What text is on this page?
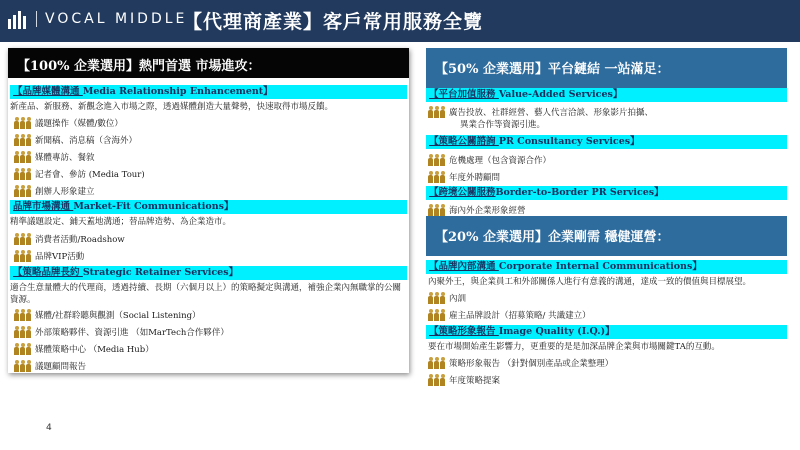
VOCAL MIDDLE
【代理商產業】客戶常用服務全覽
【100% 企業選用】熱門首選 市場進攻：
【品牌媒體溝通 Media Relationship Enhancement】
新產品、新服務、新觀念進入市場之際，透過媒體創造大量聲勢，快速取得市場反饋。
議題操作（媒體/數位）
新聞稿、消息稿（含海外）
媒體專訪、餐敘
記者會、參訪 (Media Tour)
創辦人形象建立
品牌市場溝通 Market-Fit Communications】
精準議題設定、鋪天蓋地溝通；替品牌造勢、為企業造市。
消費者活動/Roadshow
品牌VIP活動
【策略品牌長約 Strategic Retainer Services】
適合生意量體大的代理商，透過持續、長期（六個月以上）的策略擬定與溝通，補強企業內無職掌的公關資源。
媒體/社群聆聽與觀測（Social Listening）
外部策略夥伴、資源引進 （如MarTech合作夥伴）
媒體策略中心 （Media Hub）
議題顧問報告
【50% 企業選用】平台鏈結 一站滿足：
【平台加值服務 Value-Added Services】
廣告投放、社群經營、藝人代言洽談、形象影片拍攝、
異業合作等資源引進。
【策略公關諮詢 PR Consultancy Services】
危機處理（包含資源合作）
年度外聘顧問
【跨境公關服務Border-to-Border PR Services】
海內外企業形象經營
【20% 企業選用】企業剛需 穩健運營：
【品牌內部溝通 Corporate Internal Communications】
內聚外王，與企業員工和外部關係人進行有意義的溝通，達成一致的價值與目標展望。
內訓
雇主品牌設計（招募策略/ 共識建立）
【策略形象報告 Image Quality (I.Q.)】
要在市場開始產生影響力，更重要的是是加深品牌企業與市場關鍵TA的互動。
策略形象報告 （針對個別產品或企業整理）
年度策略提案
4
